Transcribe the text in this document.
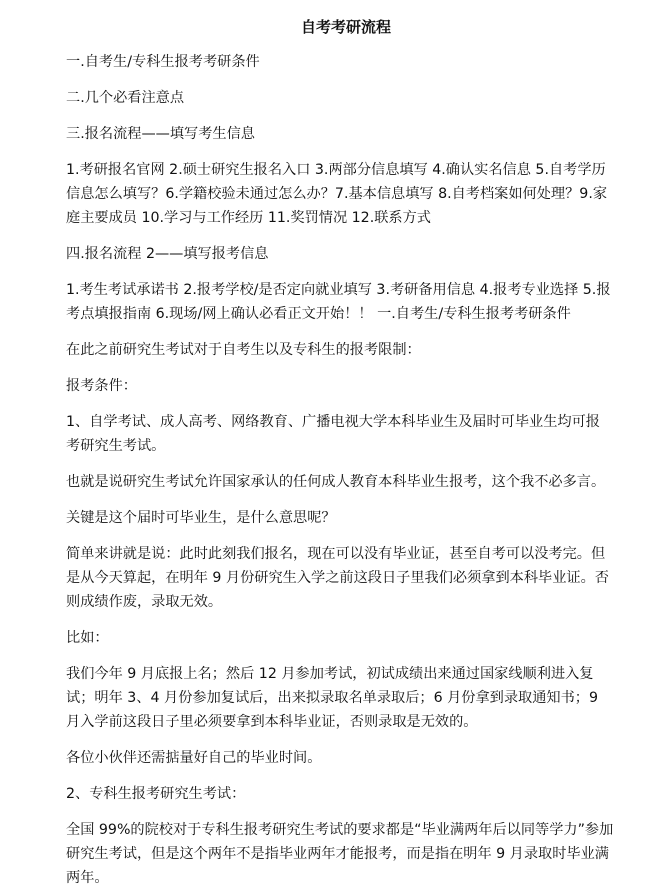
自考考研流程
一.自考生/专科生报考考研条件
二.几个必看注意点
三.报名流程——填写考生信息
1.考研报名官网 2.硕士研究生报名入口 3.两部分信息填写 4.确认实名信息 5.自考学历信息怎么填写？6.学籍校验未通过怎么办？7.基本信息填写 8.自考档案如何处理？9.家庭主要成员 10.学习与工作经历 11.奖罚情况 12.联系方式
四.报名流程 2——填写报考信息
1.考生考试承诺书 2.报考学校/是否定向就业填写 3.考研备用信息 4.报考专业选择 5.报考点填报指南 6.现场/网上确认必看正文开始！！ 一.自考生/专科生报考考研条件
在此之前研究生考试对于自考生以及专科生的报考限制：
报考条件：
1、自学考试、成人高考、网络教育、广播电视大学本科毕业生及届时可毕业生均可报考研究生考试。
也就是说研究生考试允许国家承认的任何成人教育本科毕业生报考，这个我不必多言。
关键是这个届时可毕业生，是什么意思呢？
简单来讲就是说：此时此刻我们报名，现在可以没有毕业证，甚至自考可以没考完。但是从今天算起，在明年 9 月份研究生入学之前这段日子里我们必须拿到本科毕业证。否则成绩作废，录取无效。
比如：
我们今年 9 月底报上名；然后 12 月参加考试，初试成绩出来通过国家线顺利进入复试；明年 3、4 月份参加复试后，出来拟录取名单录取后；6 月份拿到录取通知书；9 月入学前这段日子里必须要拿到本科毕业证，否则录取是无效的。
各位小伙伴还需掂量好自己的毕业时间。
2、专科生报考研究生考试：
全国 99%的院校对于专科生报考研究生考试的要求都是“毕业满两年后以同等学力”参加研究生考试，但是这个两年不是指毕业两年才能报考，而是指在明年 9 月录取时毕业满两年。
